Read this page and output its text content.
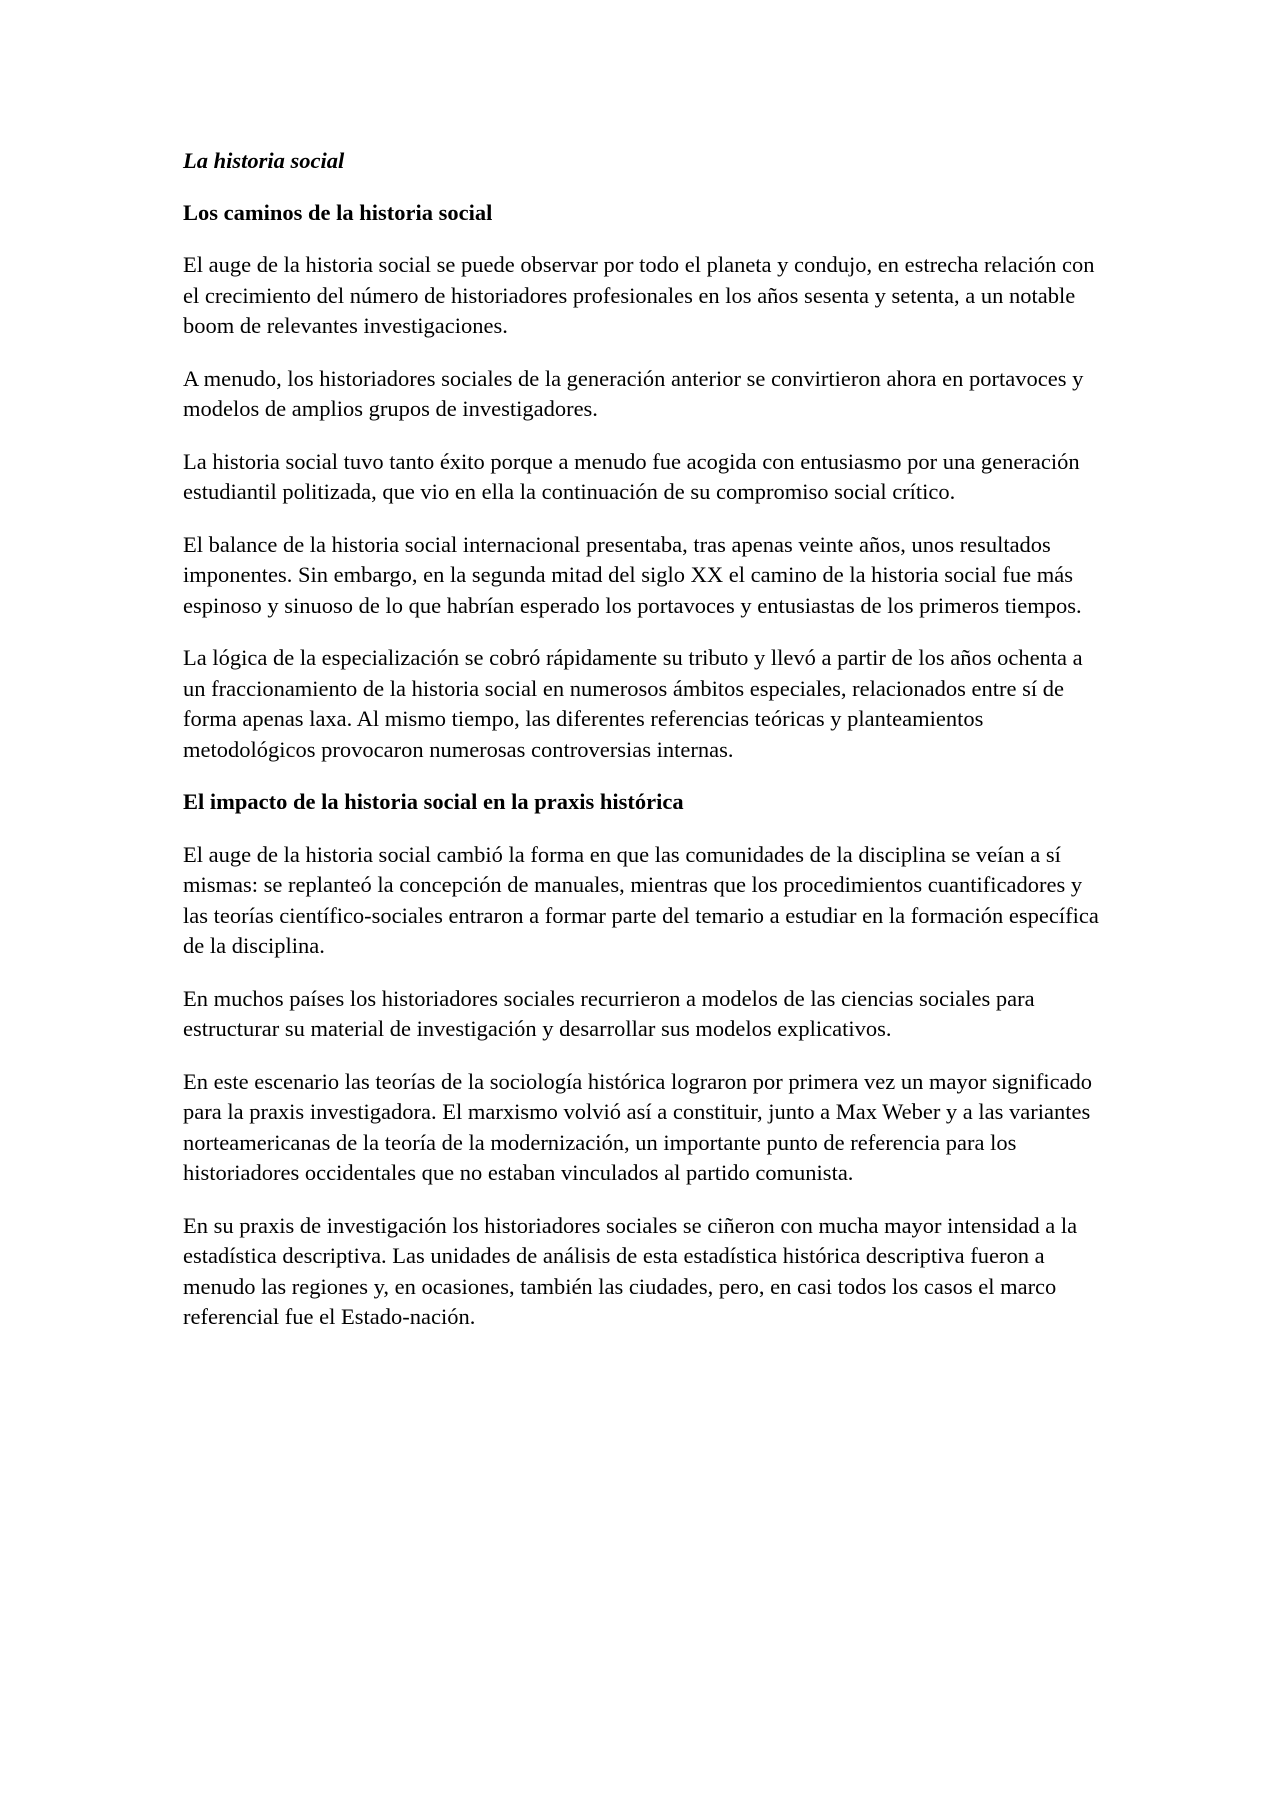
La historia social

Los caminos de la historia social

El auge de la historia social se puede observar por todo el planeta y condujo, en estrecha relación con el crecimiento del número de historiadores profesionales en los años sesenta y setenta, a un notable boom de relevantes investigaciones.

A menudo, los historiadores sociales de la generación anterior se convirtieron ahora en portavoces y modelos de amplios grupos de investigadores.

La historia social tuvo tanto éxito porque a menudo fue acogida con entusiasmo por una generación estudiantil politizada, que vio en ella la continuación de su compromiso social crítico.

El balance de la historia social internacional presentaba, tras apenas veinte años, unos resultados imponentes. Sin embargo, en la segunda mitad del siglo XX el camino de la historia social fue más espinoso y sinuoso de lo que habrían esperado los portavoces y entusiastas de los primeros tiempos.

La lógica de la especialización se cobró rápidamente su tributo y llevó a partir de los años ochenta a un fraccionamiento de la historia social en numerosos ámbitos especiales, relacionados entre sí de forma apenas laxa. Al mismo tiempo, las diferentes referencias teóricas y planteamientos metodológicos provocaron numerosas controversias internas.

El impacto de la historia social en la praxis histórica

El auge de la historia social cambió la forma en que las comunidades de la disciplina se veían a sí mismas: se replanteó la concepción de manuales, mientras que los procedimientos cuantificadores y las teorías científico-sociales entraron a formar parte del temario a estudiar en la formación específica de la disciplina.

En muchos países los historiadores sociales recurrieron a modelos de las ciencias sociales para estructurar su material de investigación y desarrollar sus modelos explicativos.

En este escenario las teorías de la sociología histórica lograron por primera vez un mayor significado para la praxis investigadora. El marxismo volvió así a constituir, junto a Max Weber y a las variantes norteamericanas de la teoría de la modernización, un importante punto de referencia para los historiadores occidentales que no estaban vinculados al partido comunista.

En su praxis de investigación los historiadores sociales se ciñeron con mucha mayor intensidad a la estadística descriptiva. Las unidades de análisis de esta estadística histórica descriptiva fueron a menudo las regiones y, en ocasiones, también las ciudades, pero, en casi todos los casos el marco referencial fue el Estado-nación.
